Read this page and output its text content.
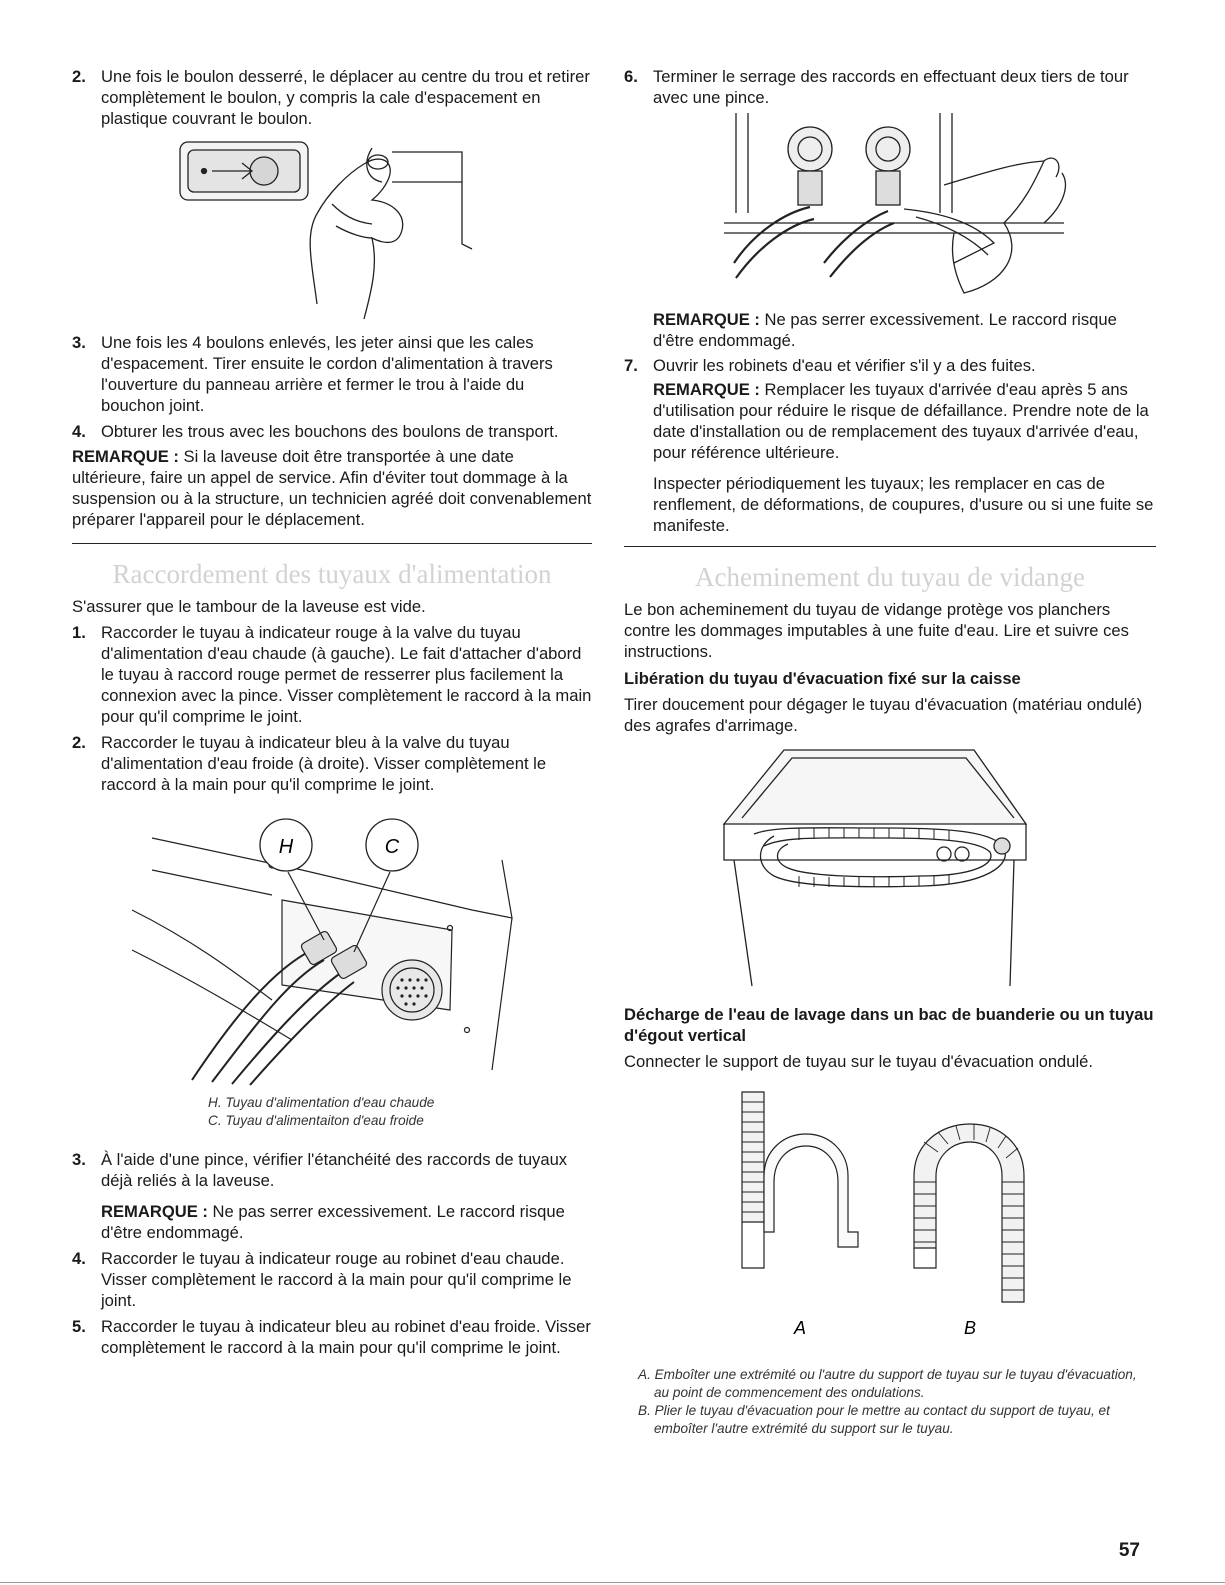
2. Une fois le boulon desserré, le déplacer au centre du trou et retirer complètement le boulon, y compris la cale d'espacement en plastique couvrant le boulon.
3. Une fois les 4 boulons enlevés, les jeter ainsi que les cales d'espacement. Tirer ensuite le cordon d'alimentation à travers l'ouverture du panneau arrière et fermer le trou à l'aide du bouchon joint.
4. Obturer les trous avec les bouchons des boulons de transport.

REMARQUE : Si la laveuse doit être transportée à une date ultérieure, faire un appel de service. Afin d'éviter tout dommage à la suspension ou à la structure, un technicien agréé doit convenablement préparer l'appareil pour le déplacement.

Raccordement des tuyaux d'alimentation

S'assurer que le tambour de la laveuse est vide.

1. Raccorder le tuyau à indicateur rouge à la valve du tuyau d'alimentation d'eau chaude (à gauche). Le fait d'attacher d'abord le tuyau à raccord rouge permet de resserrer plus facilement la connexion avec la pince. Visser complètement le raccord à la main pour qu'il comprime le joint.
2. Raccorder le tuyau à indicateur bleu à la valve du tuyau d'alimentation d'eau froide (à droite). Visser complètement le raccord à la main pour qu'il comprime le joint.
H	C
H. Tuyau d'alimentation d'eau chaude
C. Tuyau d'alimentaiton d'eau froide
3. À l'aide d'une pince, vérifier l'étanchéité des raccords de tuyaux déjà reliés à la laveuse.

REMARQUE : Ne pas serrer excessivement. Le raccord risque d'être endommagé.

4. Raccorder le tuyau à indicateur rouge au robinet d'eau chaude. Visser complètement le raccord à la main pour qu'il comprime le joint.
5. Raccorder le tuyau à indicateur bleu au robinet d'eau froide. Visser complètement le raccord à la main pour qu'il comprime le joint.
6. Terminer le serrage des raccords en effectuant deux tiers de tour avec une pince.
REMARQUE : Ne pas serrer excessivement. Le raccord risque d'être endommagé.
7. Ouvrir les robinets d'eau et vérifier s'il y a des fuites.

REMARQUE : Remplacer les tuyaux d'arrivée d'eau après 5 ans d'utilisation pour réduire le risque de défaillance. Prendre note de la date d'installation ou de remplacement des tuyaux d'arrivée d'eau, pour référence ultérieure.

Inspecter périodiquement les tuyaux; les remplacer en cas de renflement, de déformations, de coupures, d'usure ou si une fuite se manifeste.

Acheminement du tuyau de vidange

Le bon acheminement du tuyau de vidange protège vos planchers contre les dommages imputables à une fuite d'eau. Lire et suivre ces instructions.

Libération du tuyau d'évacuation fixé sur la caisse

Tirer doucement pour dégager le tuyau d'évacuation (matériau ondulé) des agrafes d'arrimage.

Décharge de l'eau de lavage dans un bac de buanderie ou un tuyau d'égout vertical

Connecter le support de tuyau sur le tuyau d'évacuation ondulé.

A	B
A. Emboîter une extrémité ou l'autre du support de tuyau sur le tuyau d'évacuation, au point de commencement des ondulations.
B. Plier le tuyau d'évacuation pour le mettre au contact du support de tuyau, et emboîter l'autre extrémité du support sur le tuyau.
57
